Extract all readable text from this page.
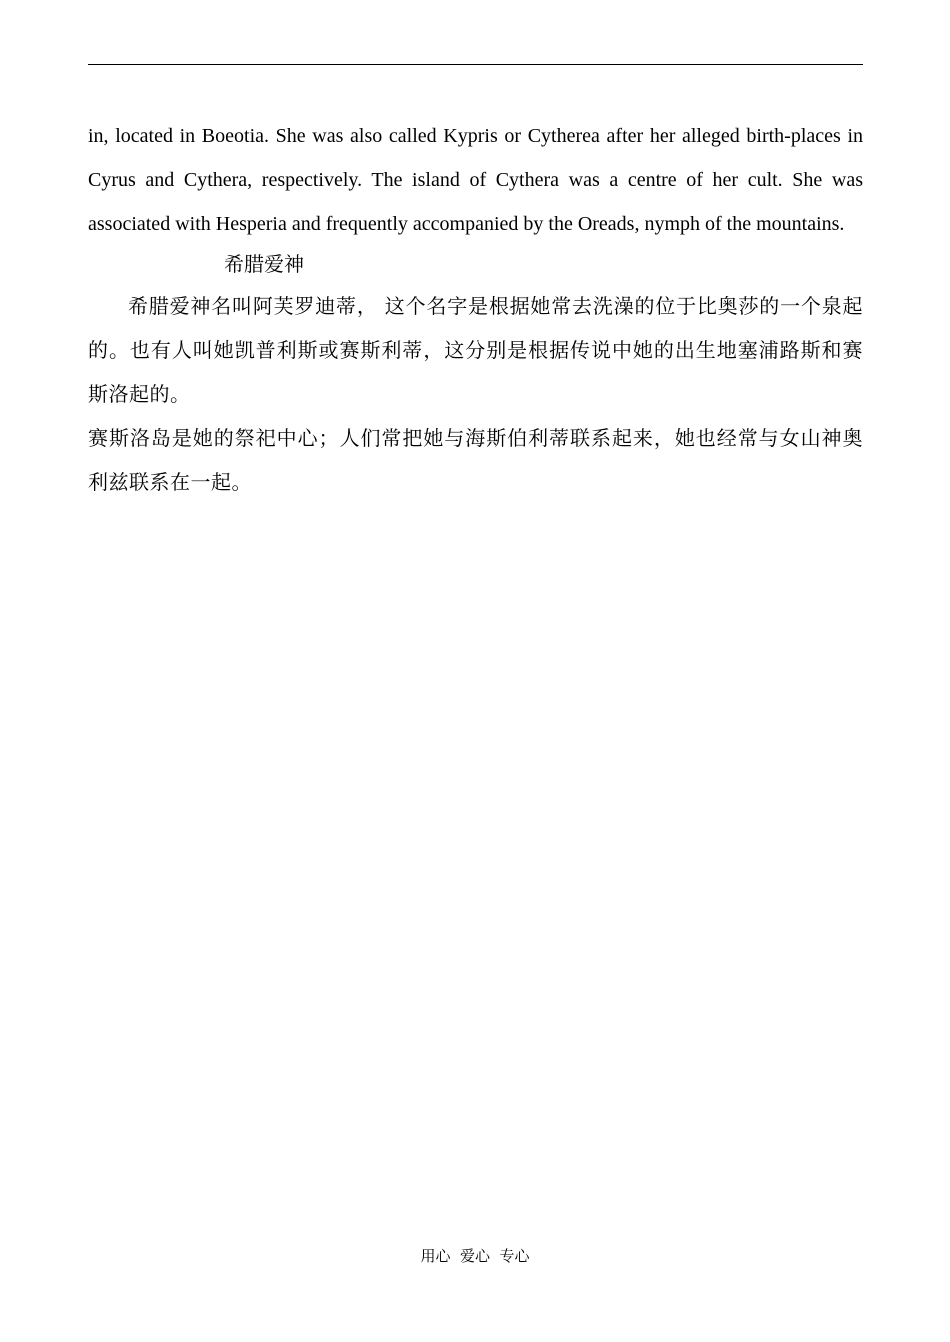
in, located in Boeotia. She was also called Kypris or Cytherea after her alleged birth-places in Cyrus and Cythera, respectively. The island of Cythera was a centre of her cult. She was associated with Hesperia and frequently accompanied by the Oreads, nymph of the mountains.

希腊爱神

希腊爱神名叫阿芙罗迪蒂， 这个名字是根据她常去洗澡的位于比奥莎的一个泉起的。也有人叫她凯普利斯或赛斯利蒂，这分别是根据传说中她的出生地塞浦路斯和赛斯洛起的。

赛斯洛岛是她的祭祀中心；人们常把她与海斯伯利蒂联系起来，她也经常与女山神奥利兹联系在一起。

用心  爱心  专心
